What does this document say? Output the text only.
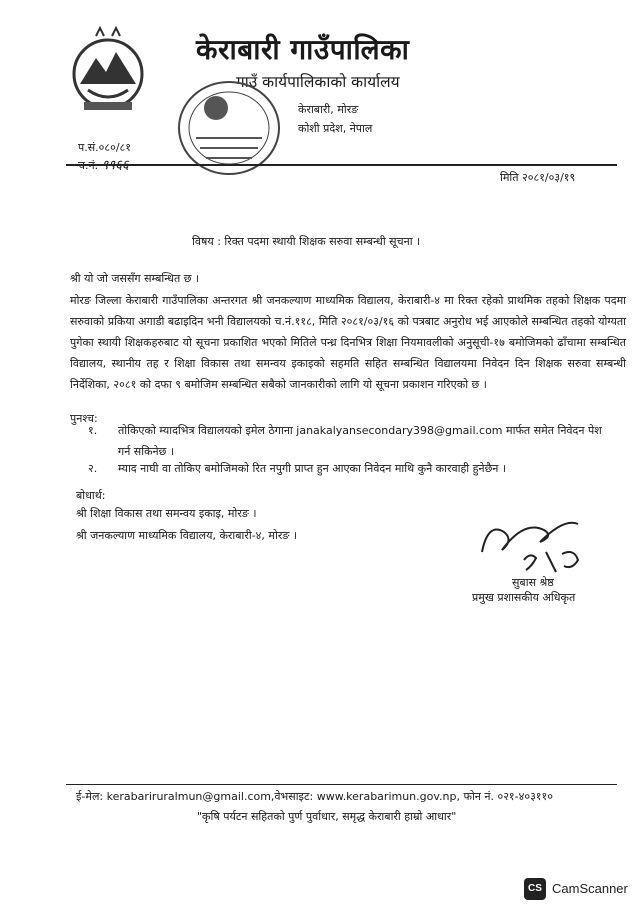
केराबारी गाउँपालिका
गाउँ कार्यपालिकाको कार्यालय
केराबारी, मोरङ
कोशी प्रदेश, नेपाल
प.सं.०८०/८१
मिति २०८१/०३/१९
विषय : रिक्त पदमा स्थायी शिक्षक सरुवा सम्बन्धी सूचना ।
श्री यो जो जससँग सम्बन्धित छ ।
मोरङ जिल्ला केराबारी गाउँपालिका अन्तरगत श्री जनकल्याण माध्यमिक विद्यालय, केराबारी-४ मा रिक्त रहेको प्राथमिक तहको शिक्षक पदमा सरुवाको प्रकिया अगाडी बढाइदिन भनी विद्यालयको च.नं.११८, मिति २०८१/०३/१६ को पत्रबाट अनुरोध भई आएकोले सम्बन्धित तहको योग्यता पुगेका स्थायी शिक्षकहरुबाट यो सूचना प्रकाशित भएको मितिले पन्ध्र दिनभित्र शिक्षा नियमावलीको अनुसूची-१७ बमोजिमको ढाँचामा सम्बन्धित विद्यालय, स्थानीय तह र शिक्षा विकास तथा समन्वय इकाइको सहमति सहित सम्बन्धित विद्यालयमा निवेदन दिन शिक्षक सरुवा सम्बन्धी निर्देशिका, २०८१ को दफा ९ बमोजिम सम्बन्धित सबैको जानकारीको लागि यो सूचना प्रकाशन गरिएको छ ।
पुनश्च:
१. तोकिएको म्यादभित्र विद्यालयको इमेल ठेगाना janakalyansecondary398@gmail.com मार्फत समेत निवेदन पेश
गर्न सकिनेछ ।
२. म्याद नाघी वा तोकिए बमोजिमको रित नपुगी प्राप्त हुन आएका निवेदन माथि कुनै कारवाही हुनेछैन ।
बोधार्थ:
श्री शिक्षा विकास तथा समन्वय इकाइ, मोरङ ।
श्री जनकल्याण माध्यमिक विद्यालय, केराबारी-४, मोरङ ।
सुबास श्रेष्ठ
प्रमुख प्रशासकीय अधिकृत
ई-मेल: kerabariruralmun@gmail.com,वेभसाइट: www.kerabarimun.gov.np, फोन नं. ०२१-४०३११०
"कृषि पर्यटन सहितको पुर्ण पुर्वाधार, समृद्ध केराबारी हाम्रो आधार"
CS CamScanner
